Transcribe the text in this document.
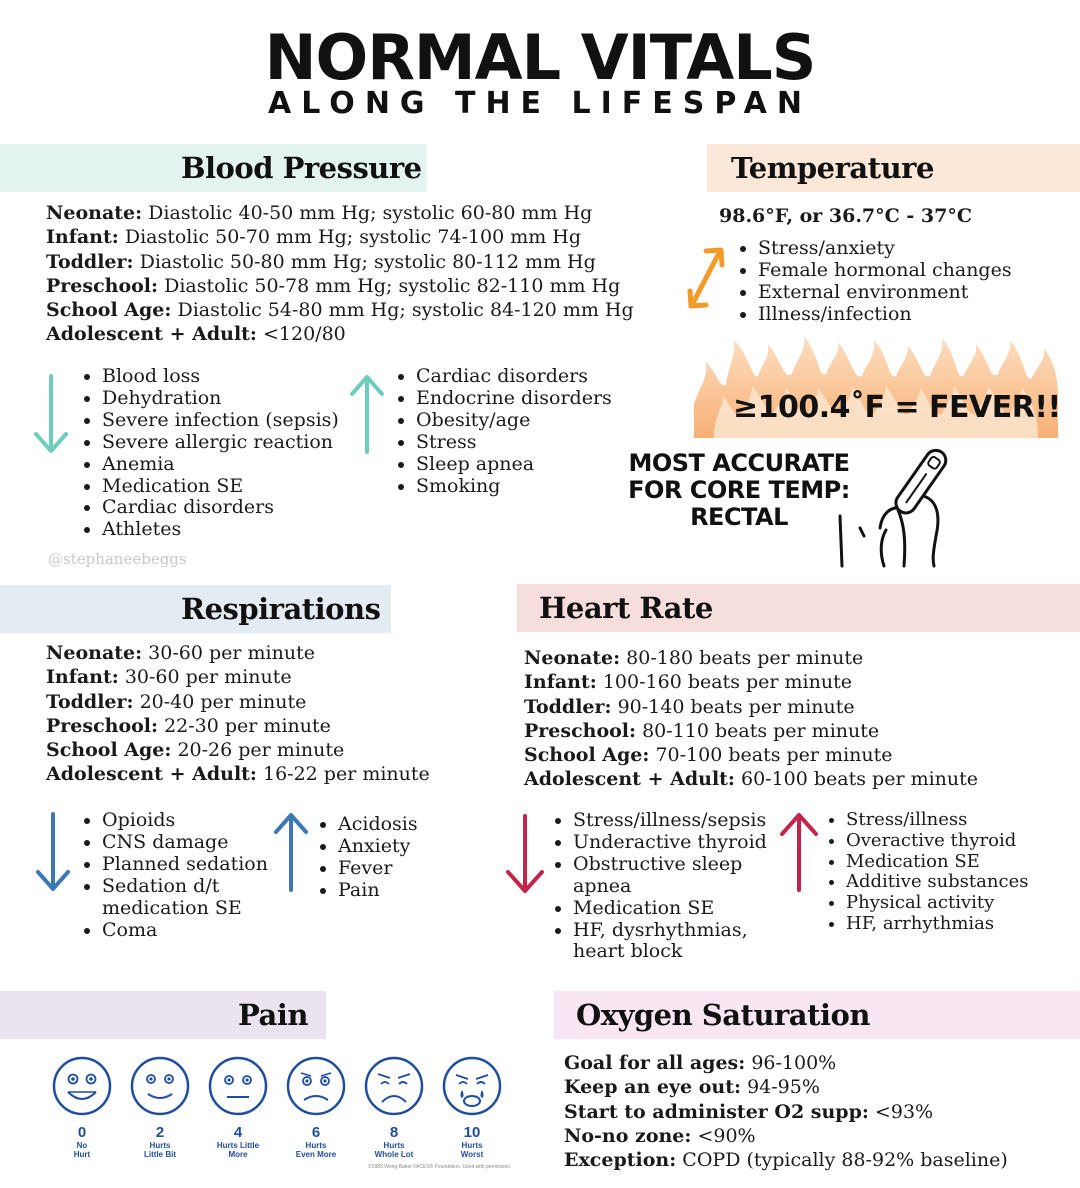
NORMAL VITALS
ALONG THE LIFESPAN
Blood Pressure
Neonate: Diastolic 40-50 mm Hg; systolic 60-80 mm Hg
Infant: Diastolic 50-70 mm Hg; systolic 74-100 mm Hg
Toddler: Diastolic 50-80 mm Hg; systolic 80-112 mm Hg
Preschool: Diastolic 50-78 mm Hg; systolic 82-110 mm Hg
School Age: Diastolic 54-80 mm Hg; systolic 84-120 mm Hg
Adolescent + Adult: <120/80
• Blood loss
• Dehydration
• Severe infection (sepsis)
• Severe allergic reaction
• Anemia
• Medication SE
• Cardiac disorders
• Athletes
• Cardiac disorders
• Endocrine disorders
• Obesity/age
• Stress
• Sleep apnea
• Smoking
@stephaneebeggs
Temperature
98.6°F, or 36.7°C - 37°C
• Stress/anxiety
• Female hormonal changes
• External environment
• Illness/infection
≥100.4˚F = FEVER!!
MOST ACCURATE
FOR CORE TEMP:
RECTAL
Respirations
Neonate: 30-60 per minute
Infant: 30-60 per minute
Toddler: 20-40 per minute
Preschool: 22-30 per minute
School Age: 20-26 per minute
Adolescent + Adult: 16-22 per minute
• Opioids
• CNS damage
• Planned sedation
• Sedation d/t medication SE
• Coma
• Acidosis
• Anxiety
• Fever
• Pain
Heart Rate
Neonate: 80-180 beats per minute
Infant: 100-160 beats per minute
Toddler: 90-140 beats per minute
Preschool: 80-110 beats per minute
School Age: 70-100 beats per minute
Adolescent + Adult: 60-100 beats per minute
• Stress/illness/sepsis
• Underactive thyroid
• Obstructive sleep apnea
• Medication SE
• HF, dysrhythmias, heart block
• Stress/illness
• Overactive thyroid
• Medication SE
• Additive substances
• Physical activity
• HF, arrhythmias
Pain
0
No
Hurt
2
Hurts
Little Bit
4
Hurts Little
More
6
Hurts
Even More
8
Hurts
Whole Lot
10
Hurts
Worst
©1983 Wong-Baker FACES® Foundation. Used with permission.
Oxygen Saturation
Goal for all ages: 96-100%
Keep an eye out: 94-95%
Start to administer O2 supp: <93%
No-no zone: <90%
Exception: COPD (typically 88-92% baseline)
